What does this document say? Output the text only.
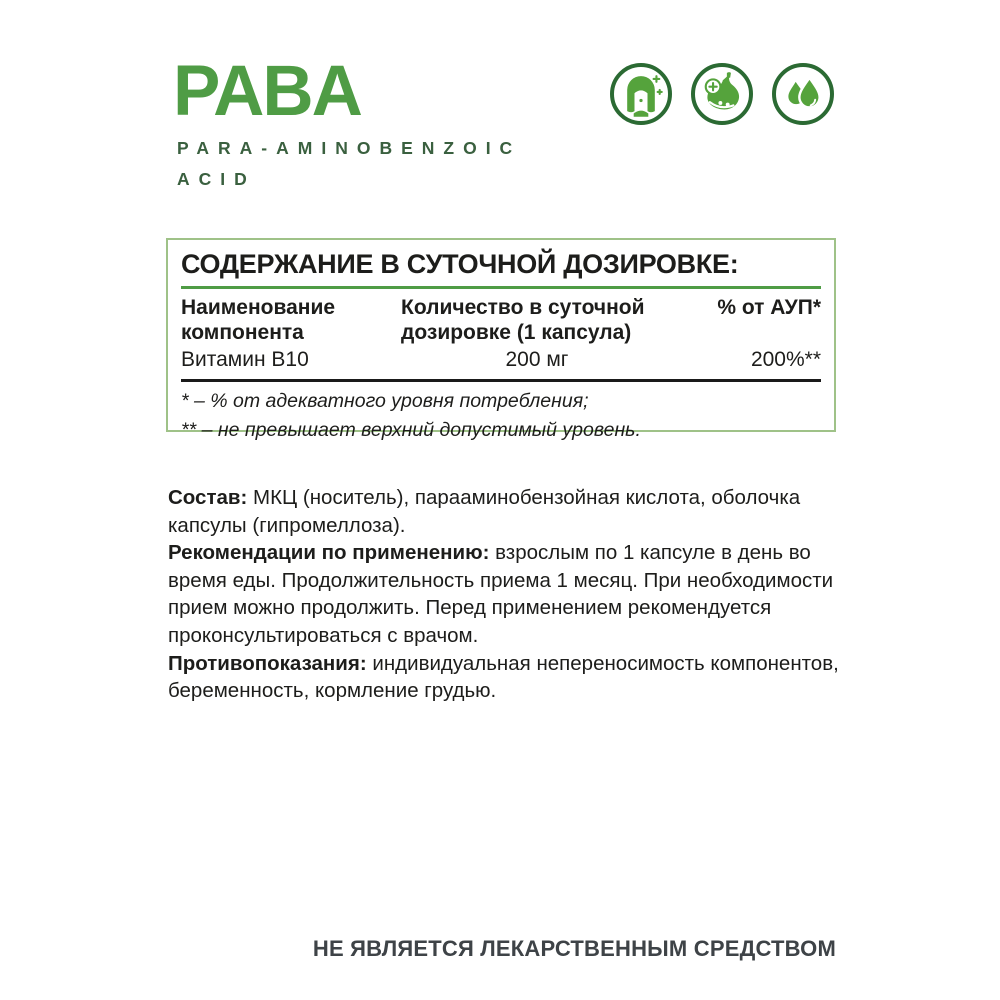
PABA
PARA-AMINOBENZOIC
ACID
СОДЕРЖАНИЕ В СУТОЧНОЙ ДОЗИРОВКЕ:
Наименование компонента
Количество в суточной дозировке (1 капсула)
% от АУП*
Витамин B10	200 мг	200%**
* – % от адекватного уровня потребления;
** – не превышает верхний допустимый уровень.

Состав: МКЦ (носитель), парааминобензойная кислота, оболочка капсулы (гипромеллоза).

Рекомендации по применению: взрослым по 1 капсуле в день во время еды. Продолжительность приема 1 месяц. При необходимости прием можно продолжить. Перед применением рекомендуется проконсультироваться с врачом.

Противопоказания: индивидуальная непереносимость компонентов, беременность, кормление грудью.

НЕ ЯВЛЯЕТСЯ ЛЕКАРСТВЕННЫМ СРЕДСТВОМ
